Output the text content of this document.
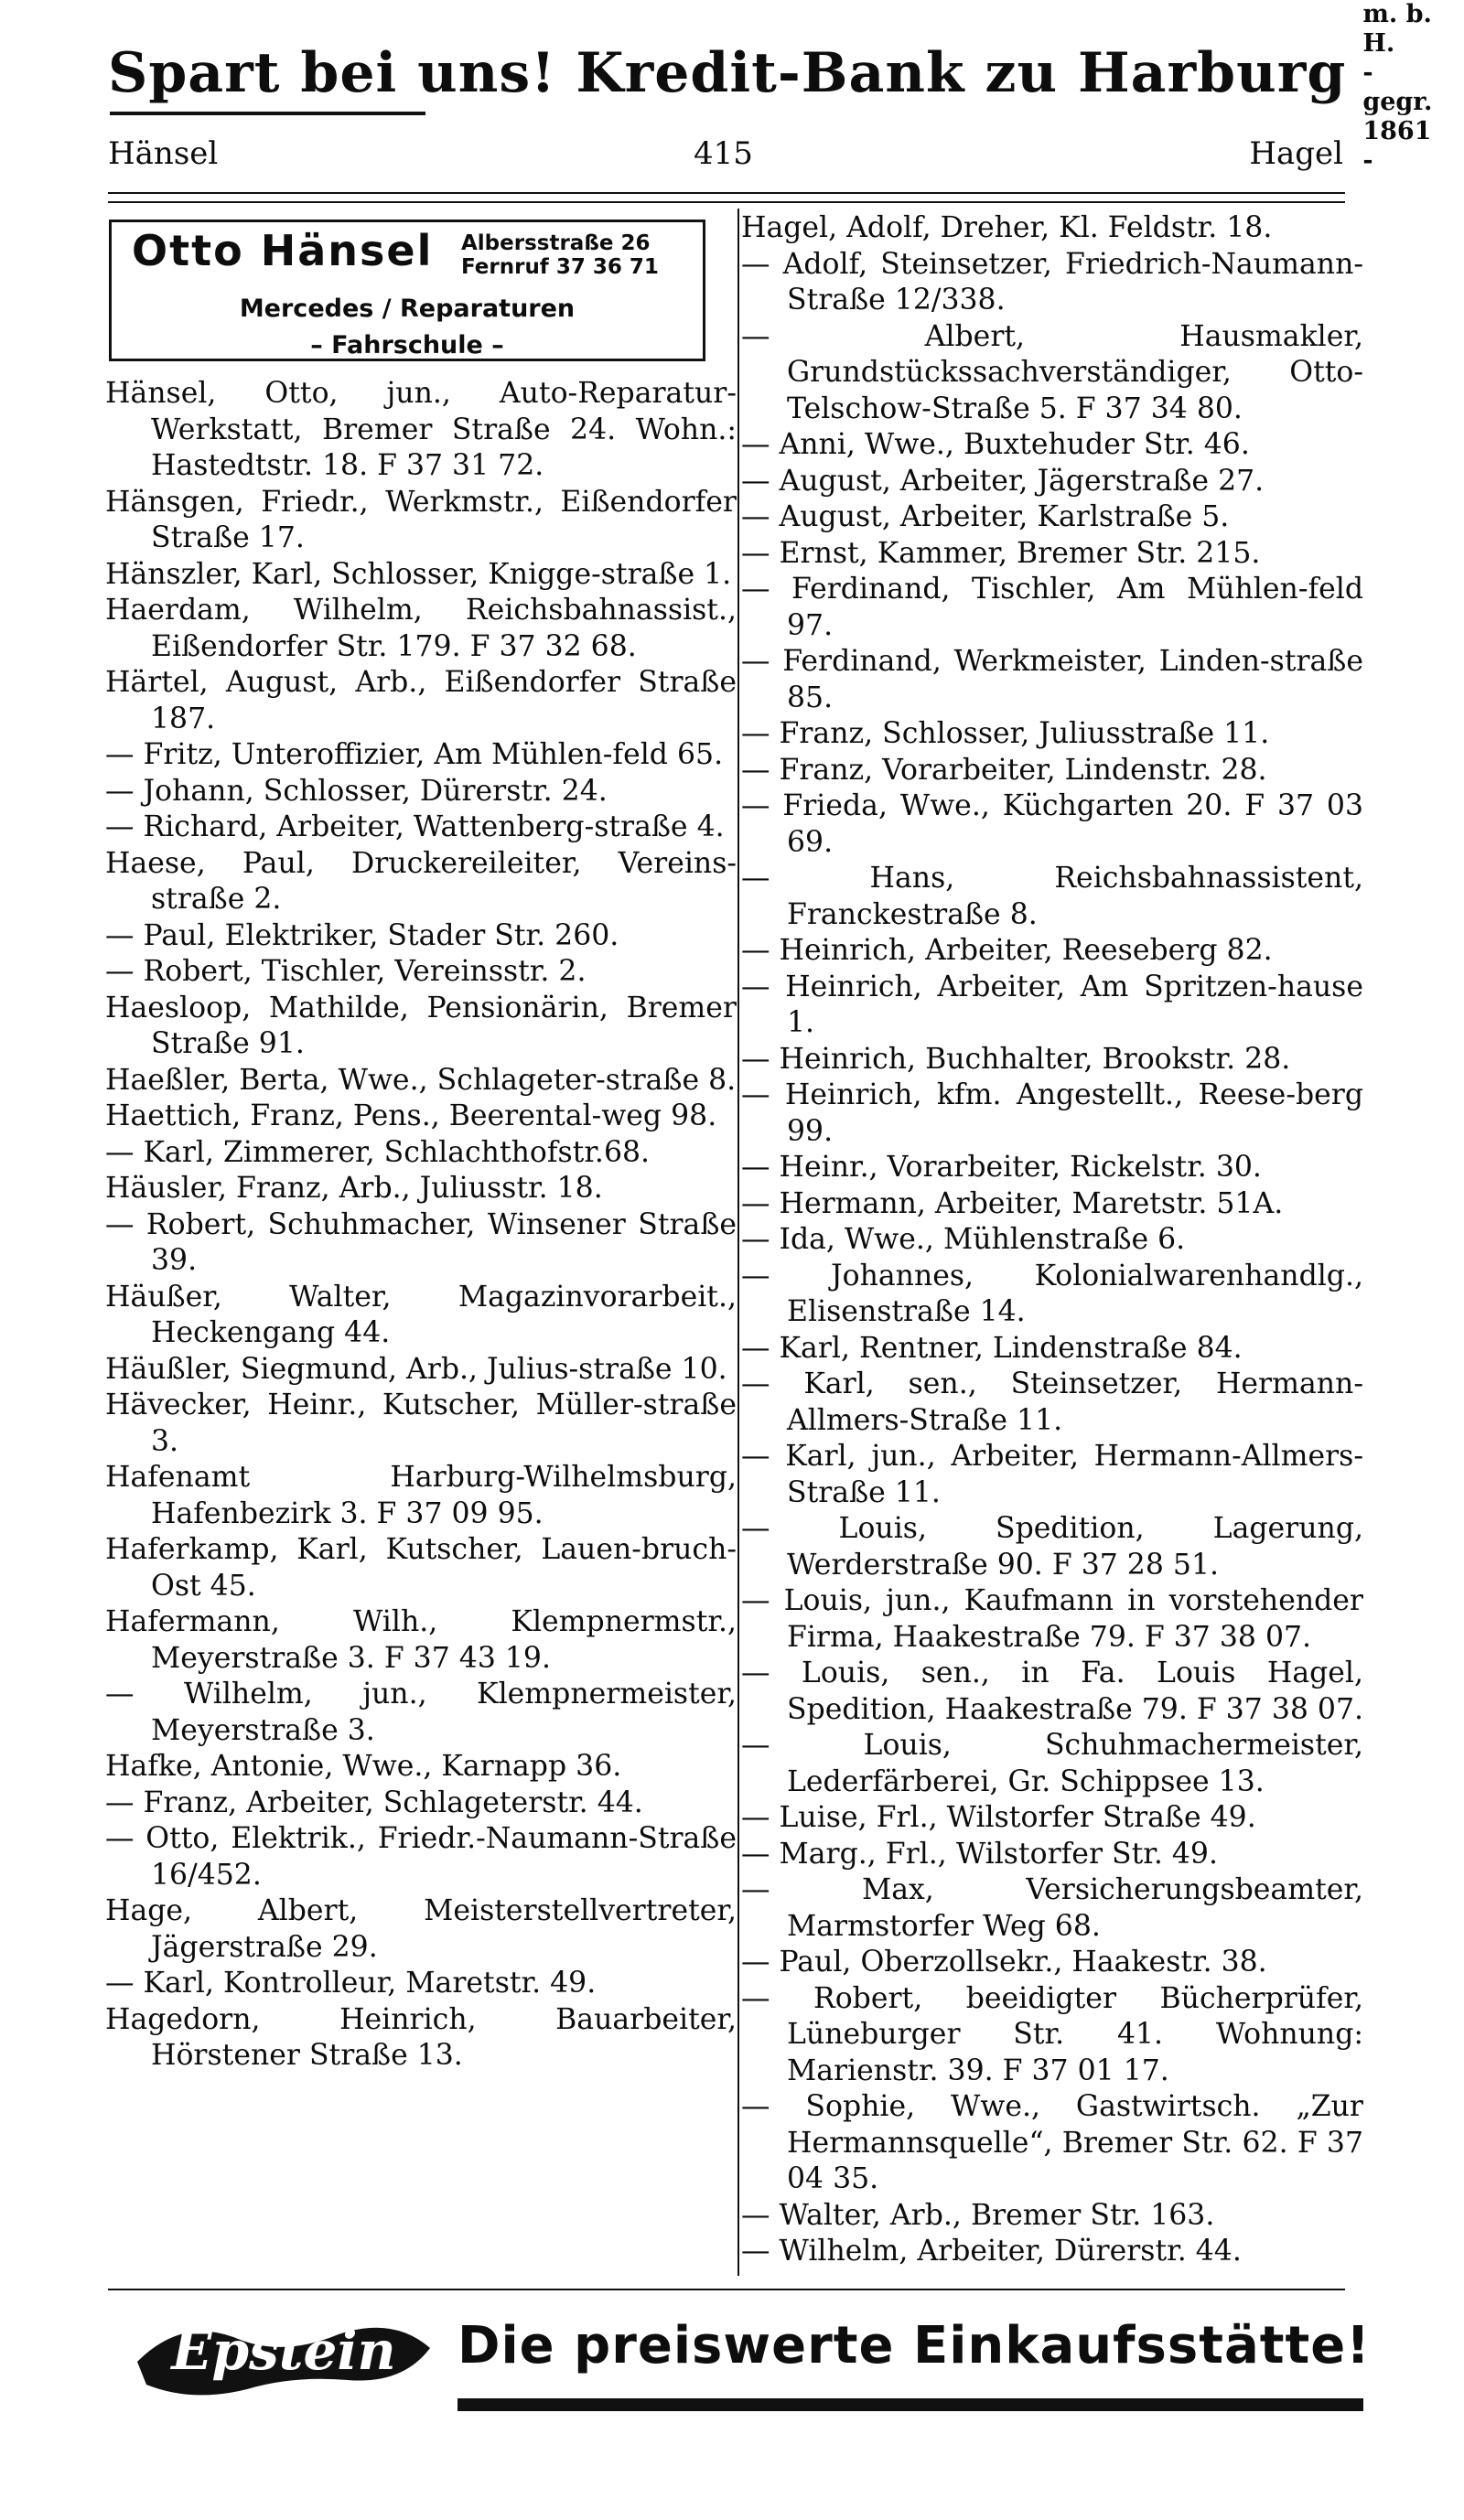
Spart bei uns! Kredit-Bank zu Harburg
m. b. H.
- gegr. 1861 -
Hänsel	415	Hagel
Otto Hänsel Albersstraße 26
Fernruf 37 36 71
Mercedes / Reparaturen
– Fahrschule –

Hänsel, Otto, jun., Auto-Reparatur-Werkstatt, Bremer Straße 24. Wohn.: Hastedtstr. 18. F 37 31 72.

Hänsgen, Friedr., Werkmstr., Eißendorfer Straße 17.

Hänszler, Karl, Schlosser, Knigge-straße 1.

Haerdam, Wilhelm, Reichsbahnassist., Eißendorfer Str. 179. F 37 32 68.

Härtel, August, Arb., Eißendorfer Straße 187.

— Fritz, Unteroffizier, Am Mühlen-feld 65.

— Johann, Schlosser, Dürerstr. 24.

— Richard, Arbeiter, Wattenberg-straße 4.

Haese, Paul, Druckereileiter, Vereins-straße 2.

— Paul, Elektriker, Stader Str. 260.

— Robert, Tischler, Vereinsstr. 2.

Haesloop, Mathilde, Pensionärin, Bremer Straße 91.

Haeßler, Berta, Wwe., Schlageter-straße 8.

Haettich, Franz, Pens., Beerental-weg 98.

— Karl, Zimmerer, Schlachthofstr.68.

Häusler, Franz, Arb., Juliusstr. 18.

— Robert, Schuhmacher, Winsener Straße 39.

Häußer, Walter, Magazinvorarbeit., Heckengang 44.

Häußler, Siegmund, Arb., Julius-straße 10.

Hävecker, Heinr., Kutscher, Müller-straße 3.

Hafenamt Harburg-Wilhelmsburg, Hafenbezirk 3. F 37 09 95.

Haferkamp, Karl, Kutscher, Lauen-bruch-Ost 45.

Hafermann, Wilh., Klempnermstr., Meyerstraße 3. F 37 43 19.

— Wilhelm, jun., Klempnermeister, Meyerstraße 3.

Hafke, Antonie, Wwe., Karnapp 36.

— Franz, Arbeiter, Schlageterstr. 44.

— Otto, Elektrik., Friedr.-Naumann-Straße 16/452.

Hage, Albert, Meisterstellvertreter, Jägerstraße 29.

— Karl, Kontrolleur, Maretstr. 49.

Hagedorn, Heinrich, Bauarbeiter, Hörstener Straße 13.

Hagel, Adolf, Dreher, Kl. Feldstr. 18.

— Adolf, Steinsetzer, Friedrich-Naumann-Straße 12/338.

— Albert, Hausmakler, Grundstückssachverständiger, Otto-Telschow-Straße 5. F 37 34 80.

— Anni, Wwe., Buxtehuder Str. 46.

— August, Arbeiter, Jägerstraße 27.

— August, Arbeiter, Karlstraße 5.

— Ernst, Kammer, Bremer Str. 215.

— Ferdinand, Tischler, Am Mühlen-feld 97.

— Ferdinand, Werkmeister, Linden-straße 85.

— Franz, Schlosser, Juliusstraße 11.

— Franz, Vorarbeiter, Lindenstr. 28.

— Frieda, Wwe., Küchgarten 20. F 37 03 69.

— Hans, Reichsbahnassistent, Franckestraße 8.

— Heinrich, Arbeiter, Reeseberg 82.

— Heinrich, Arbeiter, Am Spritzen-hause 1.

— Heinrich, Buchhalter, Brookstr. 28.

— Heinrich, kfm. Angestellt., Reese-berg 99.

— Heinr., Vorarbeiter, Rickelstr. 30.

— Hermann, Arbeiter, Maretstr. 51A.

— Ida, Wwe., Mühlenstraße 6.

— Johannes, Kolonialwarenhandlg., Elisenstraße 14.

— Karl, Rentner, Lindenstraße 84.

— Karl, sen., Steinsetzer, Hermann-Allmers-Straße 11.

— Karl, jun., Arbeiter, Hermann-Allmers-Straße 11.

— Louis, Spedition, Lagerung, Werderstraße 90. F 37 28 51.

— Louis, jun., Kaufmann in vorstehender Firma, Haakestraße 79. F 37 38 07.

— Louis, sen., in Fa. Louis Hagel, Spedition, Haakestraße 79. F 37 38 07.

— Louis, Schuhmachermeister, Lederfärberei, Gr. Schippsee 13.

— Luise, Frl., Wilstorfer Straße 49.

— Marg., Frl., Wilstorfer Str. 49.

— Max, Versicherungsbeamter, Marmstorfer Weg 68.

— Paul, Oberzollsekr., Haakestr. 38.

— Robert, beeidigter Bücherprüfer, Lüneburger Str. 41. Wohnung: Marienstr. 39. F 37 01 17.

— Sophie, Wwe., Gastwirtsch. „Zur Hermannsquelle“, Bremer Str. 62. F 37 04 35.

— Walter, Arb., Bremer Str. 163.

— Wilhelm, Arbeiter, Dürerstr. 44.

Epstein Die preiswerte Einkaufsstätte!
